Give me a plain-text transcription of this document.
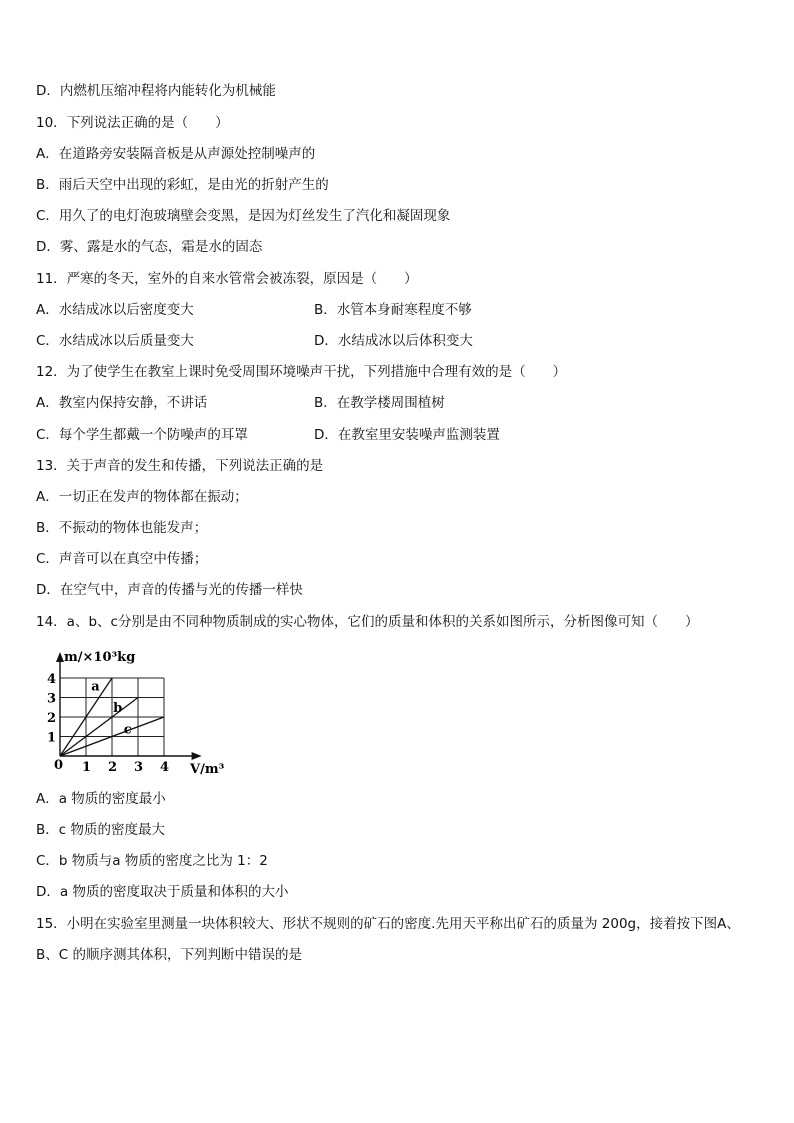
D．内燃机压缩冲程将内能转化为机械能
10．下列说法正确的是（　　）
A．在道路旁安装隔音板是从声源处控制噪声的
B．雨后天空中出现的彩虹，是由光的折射产生的
C．用久了的电灯泡玻璃壁会变黑，是因为灯丝发生了汽化和凝固现象
D．雾、露是水的气态，霜是水的固态
11．严寒的冬天，室外的自来水管常会被冻裂，原因是（　　）
A．水结成冰以后密度变大	B．水管本身耐寒程度不够
C．水结成冰以后质量变大	D．水结成冰以后体积变大
12．为了使学生在教室上课时免受周围环境噪声干扰，下列措施中合理有效的是（　　）
A．教室内保持安静，不讲话	B．在教学楼周围植树
C．每个学生都戴一个防噪声的耳罩	D．在教室里安装噪声监测装置
13．关于声音的发生和传播，下列说法正确的是
A．一切正在发声的物体都在振动；
B．不振动的物体也能发声；
C．声音可以在真空中传播；
D．在空气中，声音的传播与光的传播一样快
14．a、b、c分别是由不同种物质制成的实心物体，它们的质量和体积的关系如图所示，分析图像可知（　　）
a
b
c
1 2 3 4
1
2
3
4
m/×10³kg
V/m³
0
A．a 物质的密度最小
B．c 物质的密度最大
C．b 物质与a 物质的密度之比为 1：2
D．a 物质的密度取决于质量和体积的大小
15．小明在实验室里测量一块体积较大、形状不规则的矿石的密度.先用天平称出矿石的质量为 200g，接着按下图A、
B、C 的顺序测其体积，下列判断中错误的是
